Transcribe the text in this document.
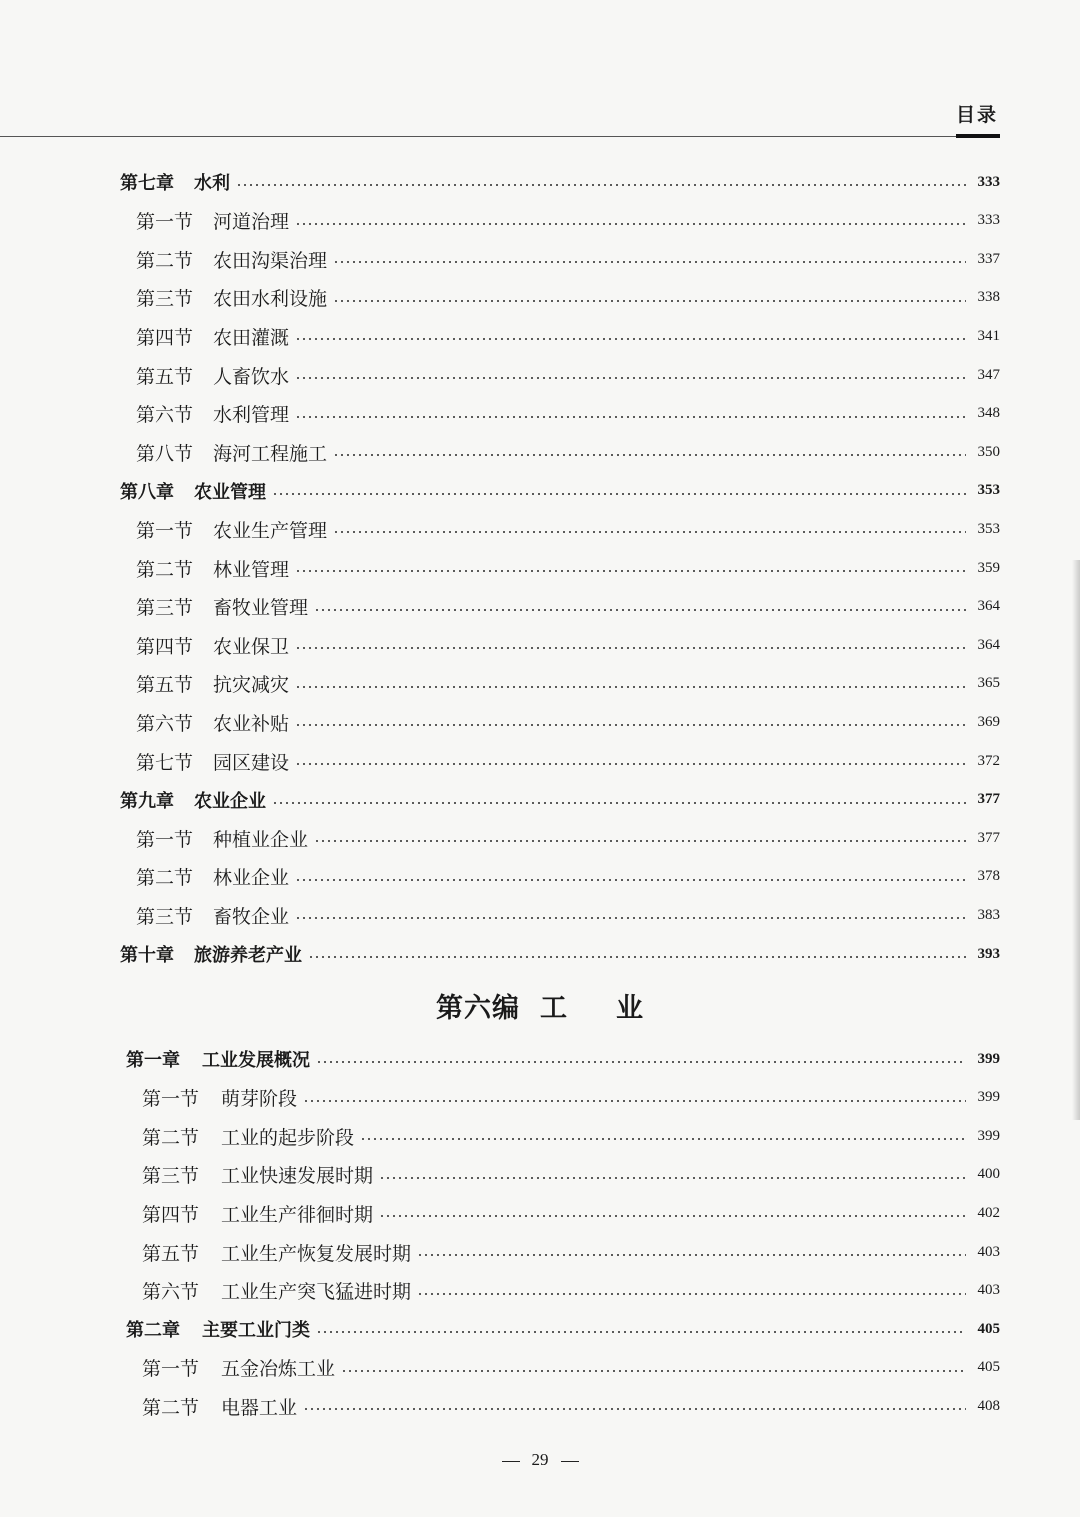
目录
第七章 水利	333
第一节 河道治理	333
第二节 农田沟渠治理	337
第三节 农田水利设施	338
第四节 农田灌溉	341
第五节 人畜饮水	347
第六节 水利管理	348
第八节 海河工程施工	350
第八章 农业管理	353
第一节 农业生产管理	353
第二节 林业管理	359
第三节 畜牧业管理	364
第四节 农业保卫	364
第五节 抗灾减灾	365
第六节 农业补贴	369
第七节 园区建设	372
第九章 农业企业	377
第一节 种植业企业	377
第二节 林业企业	378
第三节 畜牧企业	383
第十章 旅游养老产业	393
第六编 工 业
第一章 工业发展概况	399
第一节 萌芽阶段	399
第二节 工业的起步阶段	399
第三节 工业快速发展时期	400
第四节 工业生产徘徊时期	402
第五节 工业生产恢复发展时期	403
第六节 工业生产突飞猛进时期	403
第二章 主要工业门类	405
第一节 五金冶炼工业	405
第二节 电器工业	408
29
